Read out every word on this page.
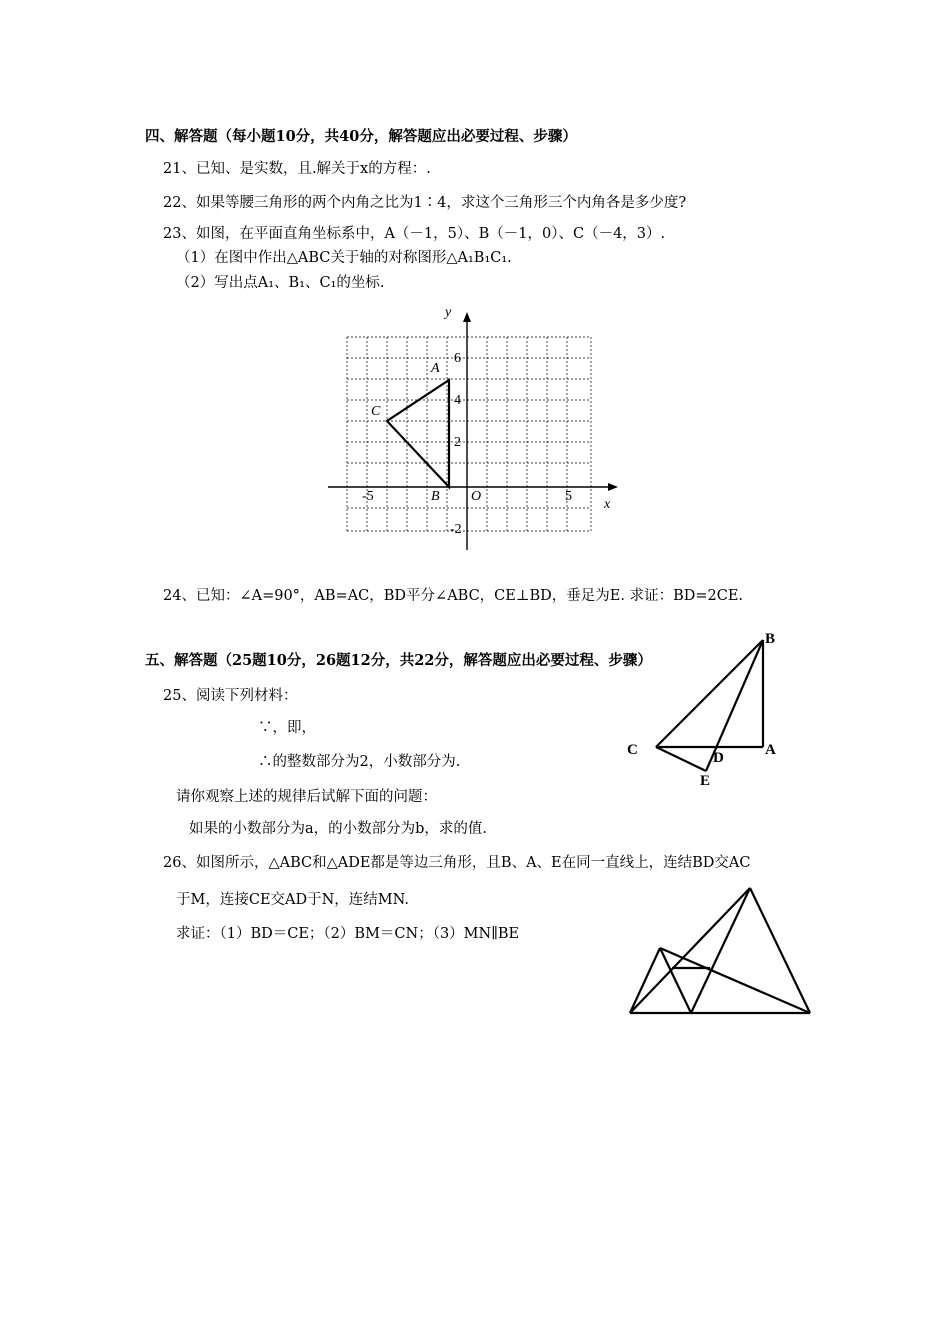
四、解答题（每小题10分，共40分，解答题应出必要过程、步骤）
21、已知、是实数，且.解关于x的方程：.
22、如果等腰三角形的两个内角之比为1∶4，求这个三角形三个内角各是多少度?
23、如图，在平面直角坐标系中，A（－1，5）、B（－1，0）、C（－4，3）.
（1）在图中作出△ABC关于轴的对称图形△A₁B₁C₁.
（2）写出点A₁、B₁、C₁的坐标.
y
x
O
A
B
C
-5	5
6
4
2
-2
24、已知：∠A=90°，AB=AC，BD平分∠ABC，CE⊥BD，垂足为E. 求证：BD=2CE.
五、解答题（25题10分，26题12分，共22分，解答题应出必要过程、步骤）
25、阅读下列材料：
∵，即，
∴的整数部分为2，小数部分为.
请你观察上述的规律后试解下面的问题：
如果的小数部分为a，的小数部分为b，求的值.
26、如图所示，△ABC和△ADE都是等边三角形，且B、A、E在同一直线上，连结BD交AC
于M，连接CE交AD于N，连结MN.
求证：（1）BD＝CE；（2）BM＝CN；（3）MN∥BE
B
C	A
D
E
